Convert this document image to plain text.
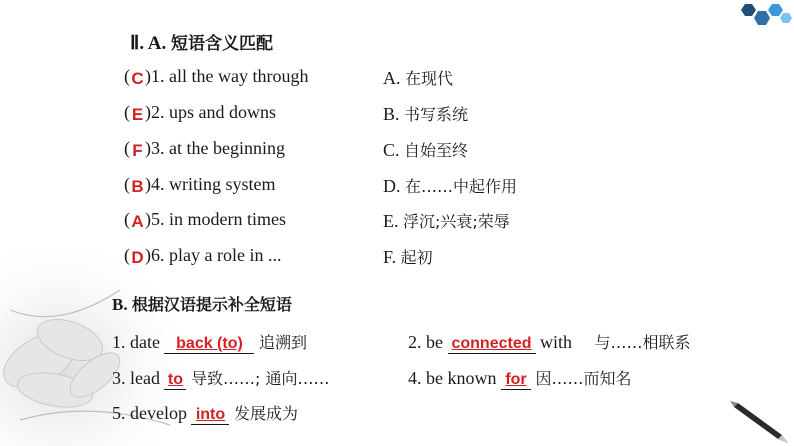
Ⅱ. A. 短语含义匹配
(C)1. all the way through
( E )2. ups and downs
( F )3. at the beginning
(B)4. writing system
(A)5. in modern times
(D)6. play a role in ...
A. 在现代
B. 书写系统
C. 自始至终
D. 在……中起作用
E. 浮沉;兴衰;荣辱
F. 起初
B. 根据汉语提示补全短语
1. date back (to) 追溯到	2. be connected with 与……相联系
3. lead to 导致……; 通向……	4. be known for 因……而知名
5. develop into 发展成为
